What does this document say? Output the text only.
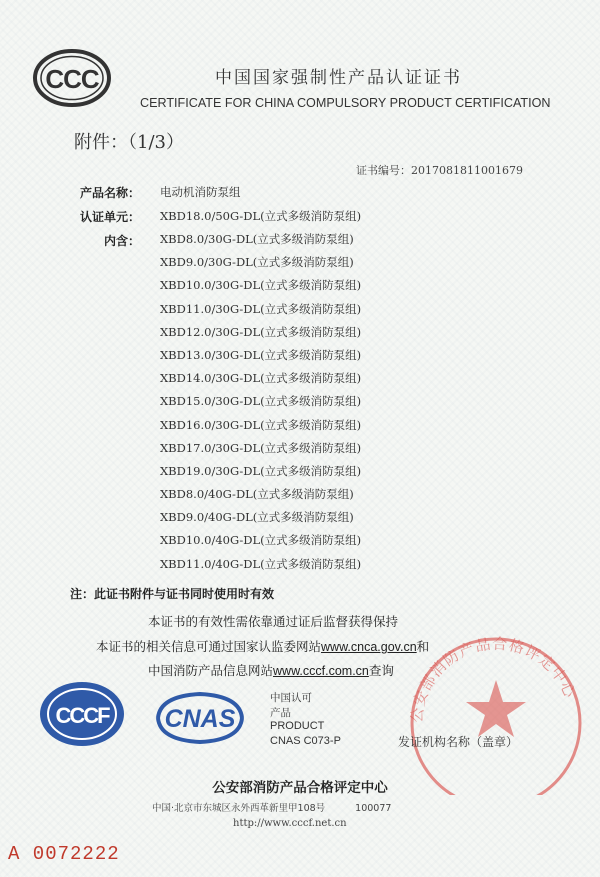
CCC	中国国家强制性产品认证证书
CERTIFICATE FOR CHINA COMPULSORY PRODUCT CERTIFICATION
附件：（1/3）
证书编号：2017081811001679
产品名称： 电动机消防泵组
认证单元： XBD18.0/50G-DL(立式多级消防泵组)
内含： XBD8.0/30G-DL(立式多级消防泵组)
XBD9.0/30G-DL(立式多级消防泵组)
XBD10.0/30G-DL(立式多级消防泵组)
XBD11.0/30G-DL(立式多级消防泵组)
XBD12.0/30G-DL(立式多级消防泵组)
XBD13.0/30G-DL(立式多级消防泵组)
XBD14.0/30G-DL(立式多级消防泵组)
XBD15.0/30G-DL(立式多级消防泵组)
XBD16.0/30G-DL(立式多级消防泵组)
XBD17.0/30G-DL(立式多级消防泵组)
XBD19.0/30G-DL(立式多级消防泵组)
XBD8.0/40G-DL(立式多级消防泵组)
XBD9.0/40G-DL(立式多级消防泵组)
XBD10.0/40G-DL(立式多级消防泵组)
XBD11.0/40G-DL(立式多级消防泵组)
注：此证书附件与证书同时使用时有效
本证书的有效性需依靠通过证后监督获得保持
本证书的相关信息可通过国家认监委网站www.cnca.gov.cn和
中国消防产品信息网站www.cccf.com.cn查询
CCCF CNAS
中国认可
产品
PRODUCT
CNAS C073-P
公安部消防产品合格评定中心
发证机构名称（盖章）
公安部消防产品合格评定中心
中国·北京市东城区永外西革新里甲108号	100077
http://www.cccf.net.cn
A 0072222
